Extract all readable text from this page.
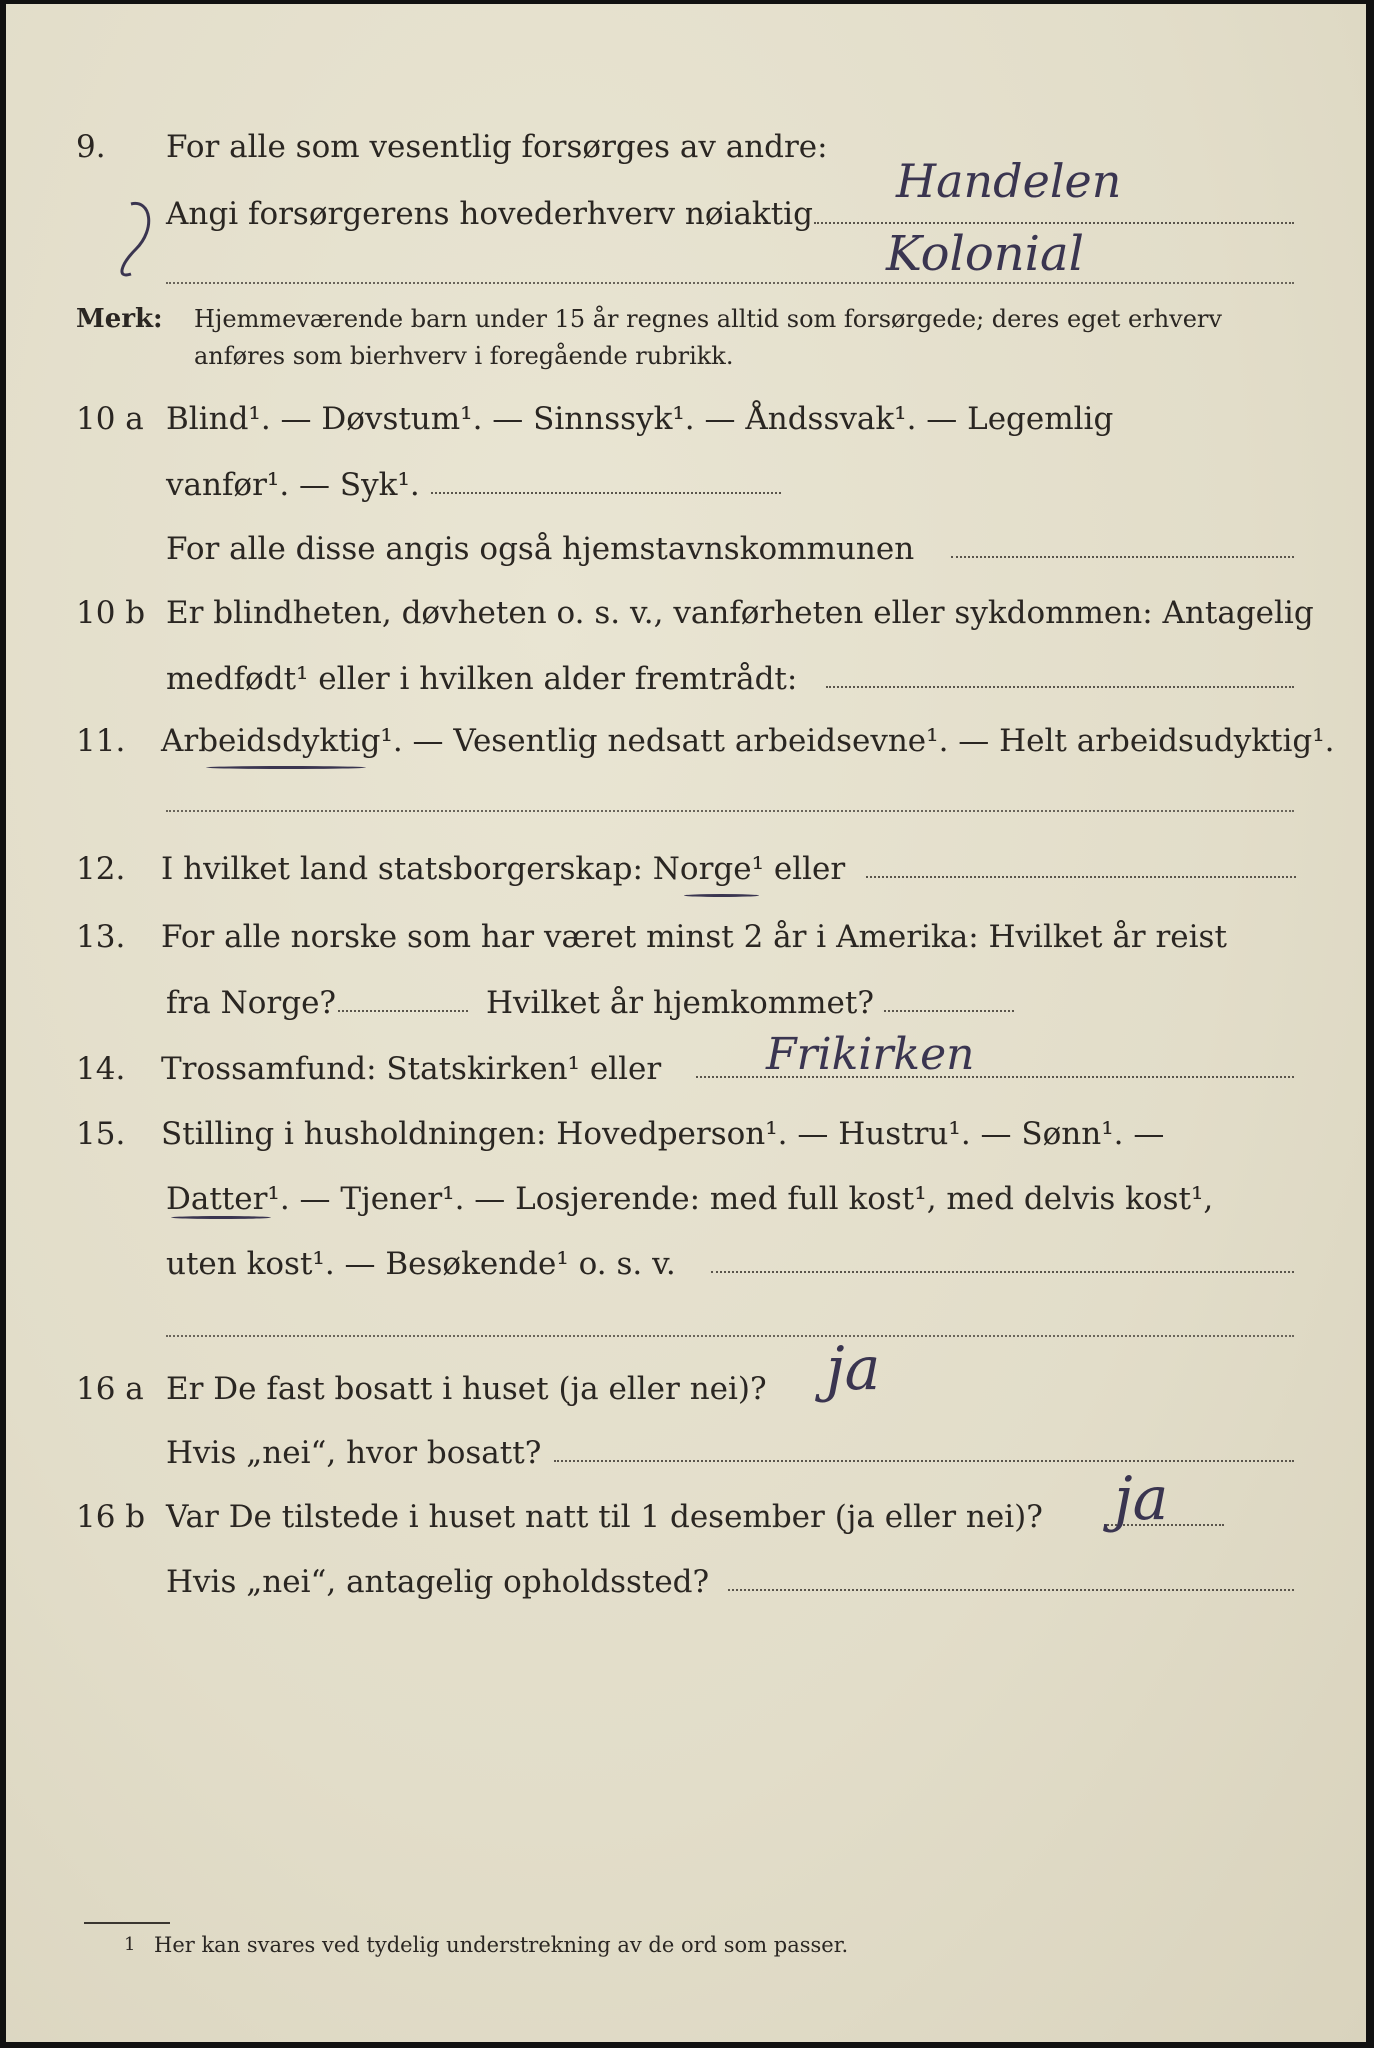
9. For alle som vesentlig forsørges av andre:
Angi forsørgerens hovederhverv nøiaktig
Handelen
Kolonial
Merk: Hjemmeværende barn under 15 år regnes alltid som forsørgede; deres eget erhverv
anføres som bierhverv i foregående rubrikk.
10 a Blind¹. — Døvstum¹. — Sinnssyk¹. — Åndssvak¹. — Legemlig
vanfør¹. — Syk¹.
For alle disse angis også hjemstavnskommunen
10 b Er blindheten, døvheten o. s. v., vanførheten eller sykdommen: Antagelig
medfødt¹ eller i hvilken alder fremtrådt:
11. Arbeidsdyktig¹. — Vesentlig nedsatt arbeidsevne¹. — Helt arbeidsudyktig¹.
12. I hvilket land statsborgerskap: Norge¹ eller
13. For alle norske som har været minst 2 år i Amerika: Hvilket år reist
fra Norge?	Hvilket år hjemkommet?
14. Trossamfund: Statskirken¹ eller Frikirken
15. Stilling i husholdningen: Hovedperson¹. — Hustru¹. — Sønn¹. —
Datter¹. — Tjener¹. — Losjerende: med full kost¹, med delvis kost¹,
uten kost¹. — Besøkende¹ o. s. v.
16 a Er De fast bosatt i huset (ja eller nei)? ja
Hvis „nei“, hvor bosatt?
16 b Var De tilstede i huset natt til 1 desember (ja eller nei)? ja
Hvis „nei“, antagelig opholdssted?
1 Her kan svares ved tydelig understrekning av de ord som passer.
